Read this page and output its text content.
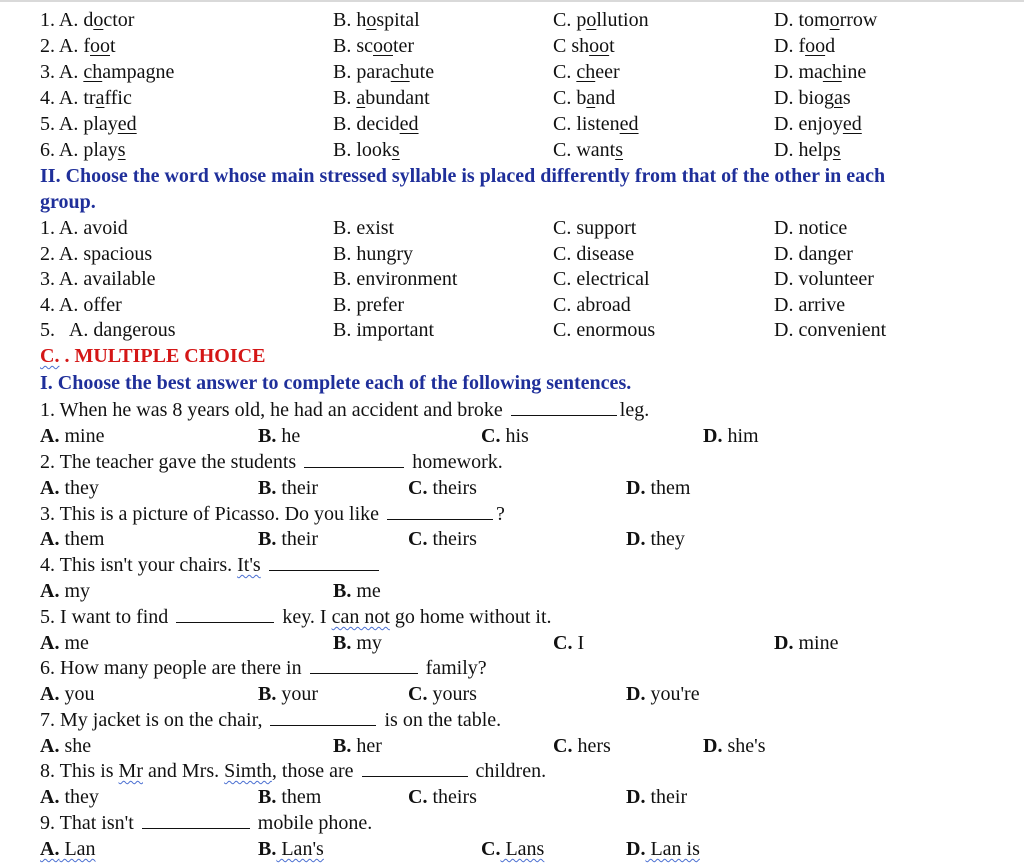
1. A. doctor	B. hospital	C. pollution	D. tomorrow
2. A. foot	B. scooter	C shoot	D. food
3. A. champagne	B. parachute	C. cheer	D. machine
4. A. traffic	B. abundant	C. band	D. biogas
5. A. played	B. decided	C. listened	D. enjoyed
6. A. plays	B. looks	C. wants	D. helps
II. Choose the word whose main stressed syllable is placed differently from that of the other in each
group.
1. A. avoid	B. exist	C. support	D. notice
2. A. spacious	B. hungry	C. disease	D. danger
3. A. available	B. environment	C. electrical	D. volunteer
4. A. offer	B. prefer	C. abroad	D. arrive
5.   A. dangerous	B. important	C. enormous	D. convenient
C. . MULTIPLE CHOICE
I. Choose the best answer to complete each of the following sentences.
1. When he was 8 years old, he had an accident and broke	leg.
A. mine	B. he	C. his	D. him
2. The teacher gave the students	homework.
A. they	B. their	C. theirs	D. them
3. This is a picture of Picasso. Do you like	?
A. them	B. their	C. theirs	D. they
4. This isn't your chairs. It's
A. my	B. me
5. I want to find	key. I can not go home without it.
A. me	B. my	C. I	D. mine
6. How many people are there in	family?
A. you	B. your	C. yours	D. you're
7. My jacket is on the chair,	is on the table.
A. she	B. her	C. hers	D. she's
8. This is Mr and Mrs. Simth, those are	children.
A. they	B. them	C. theirs	D. their
9. That isn't	mobile phone.
A. Lan	B. Lan's	C. Lans	D. Lan is
